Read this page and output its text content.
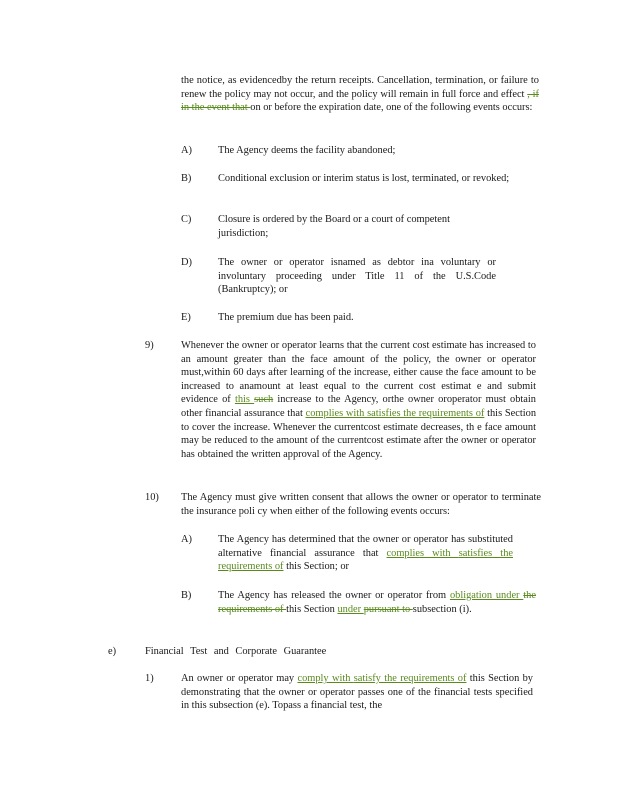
the notice, as evidencedby the return receipts. Cancellation, termination, or failure to renew the policy may not occur, and the policy will remain in full force and effect , if in the event that on or before the expiration date, one of the following events occurs:
A)	The Agency deems the facility abandoned;
B)	Conditional exclusion or interim status is lost, terminated, or revoked;
C)	Closure is ordered by the Board or a court of competent jurisdiction;
D)	The owner or operator isnamed as debtor ina voluntary or involuntary proceeding under Title 11 of the U.S.Code (Bankruptcy); or
E)	The premium due has been paid.
9)	Whenever the owner or operator learns that the current cost estimate has increased to an amount greater than the face amount of the policy, the owner or operator must,within 60 days after learning of the increase, either cause the face amount to be increased to anamount at least equal to the current cost estimat e and submit evidence of this such increase to the Agency, orthe owner oroperator must obtain other financial assurance that complies with satisfies the requirements of this Section to cover the increase. Whenever the currentcost estimate decreases, th e face amount may be reduced to the amount of the currentcost estimate after the owner or operator has obtained the written approval of the Agency.
10) The Agency must give written consent that allows the owner or operator to terminate the insurance poli cy when either of the following events occurs:
A)	The Agency has determined that the owner or operator has substituted alternative financial assurance that complies with satisfies the requirements of this Section; or
B)	The Agency has released the owner or operator from obligation under the requirements of this Section under pursuant to subsection (i).
e)	Financial Test and Corporate Guarantee
1)	An owner or operator may comply with satisfy the requirements of this Section by demonstrating that the owner or operator passes one of the financial tests specified in this subsection (e). Topass a financial test, the
